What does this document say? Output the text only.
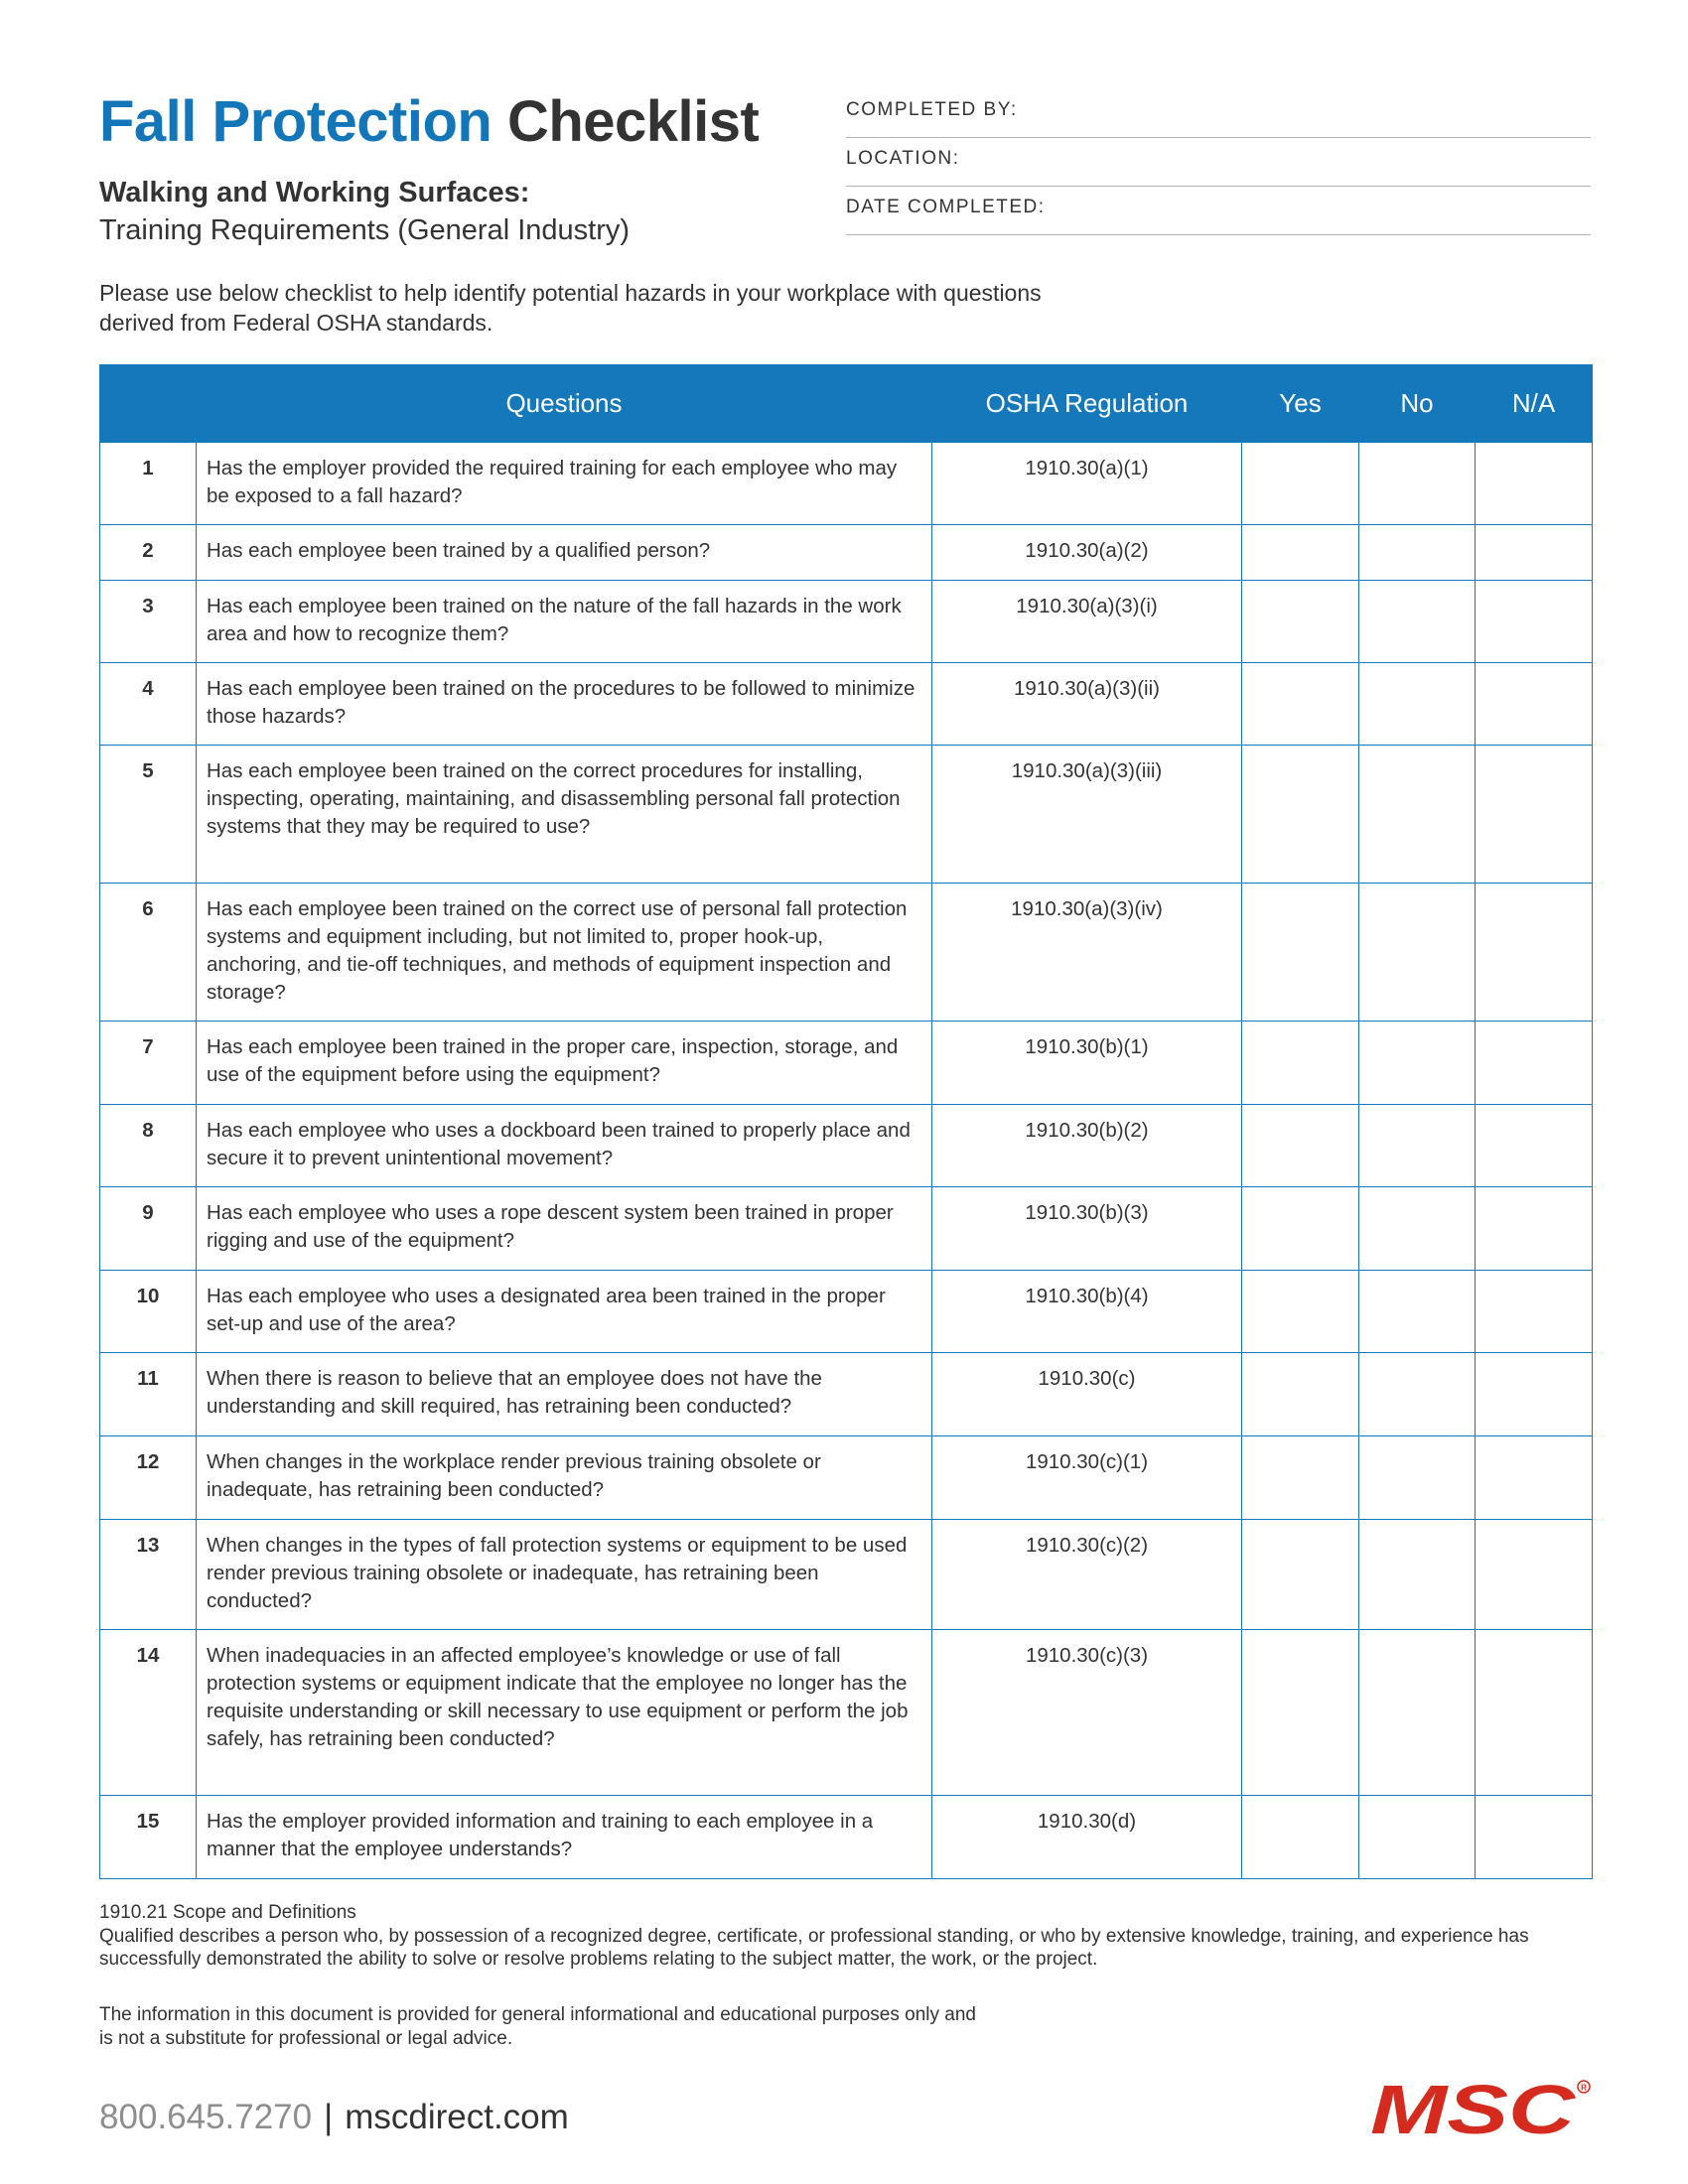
Fall Protection Checklist
Walking and Working Surfaces:
Training Requirements (General Industry)
COMPLETED BY:
LOCATION:
DATE COMPLETED:
Please use below checklist to help identify potential hazards in your workplace with questions derived from Federal OSHA standards.
	Questions	OSHA Regulation	Yes	No	N/A
1	Has the employer provided the required training for each employee who may be exposed to a fall hazard?	1910.30(a)(1)			
2	Has each employee been trained by a qualified person?	1910.30(a)(2)			
3	Has each employee been trained on the nature of the fall hazards in the work area and how to recognize them?	1910.30(a)(3)(i)			
4	Has each employee been trained on the procedures to be followed to minimize those hazards?	1910.30(a)(3)(ii)			
5	Has each employee been trained on the correct procedures for installing, inspecting, operating, maintaining, and disassembling personal fall protection systems that they may be required to use?	1910.30(a)(3)(iii)			
6	Has each employee been trained on the correct use of personal fall protection systems and equipment including, but not limited to, proper hook-up, anchoring, and tie-off techniques, and methods of equipment inspection and storage?	1910.30(a)(3)(iv)			
7	Has each employee been trained in the proper care, inspection, storage, and use of the equipment before using the equipment?	1910.30(b)(1)			
8	Has each employee who uses a dockboard been trained to properly place and secure it to prevent unintentional movement?	1910.30(b)(2)			
9	Has each employee who uses a rope descent system been trained in proper rigging and use of the equipment?	1910.30(b)(3)			
10	Has each employee who uses a designated area been trained in the proper set-up and use of the area?	1910.30(b)(4)			
11	When there is reason to believe that an employee does not have the understanding and skill required, has retraining been conducted?	1910.30(c)			
12	When changes in the workplace render previous training obsolete or inadequate, has retraining been conducted?	1910.30(c)(1)			
13	When changes in the types of fall protection systems or equipment to be used render previous training obsolete or inadequate, has retraining been conducted?	1910.30(c)(2)			
14	When inadequacies in an affected employee’s knowledge or use of fall protection systems or equipment indicate that the employee no longer has the requisite understanding or skill necessary to use equipment or perform the job safely, has retraining been conducted?	1910.30(c)(3)			
15	Has the employer provided information and training to each employee in a manner that the employee understands?	1910.30(d)			
1910.21 Scope and Definitions
Qualified describes a person who, by possession of a recognized degree, certificate, or professional standing, or who by extensive knowledge, training, and experience has successfully demonstrated the ability to solve or resolve problems relating to the subject matter, the work, or the project.
The information in this document is provided for general informational and educational purposes only and is not a substitute for professional or legal advice.
800.645.7270 | mscdirect.com	MSC R
